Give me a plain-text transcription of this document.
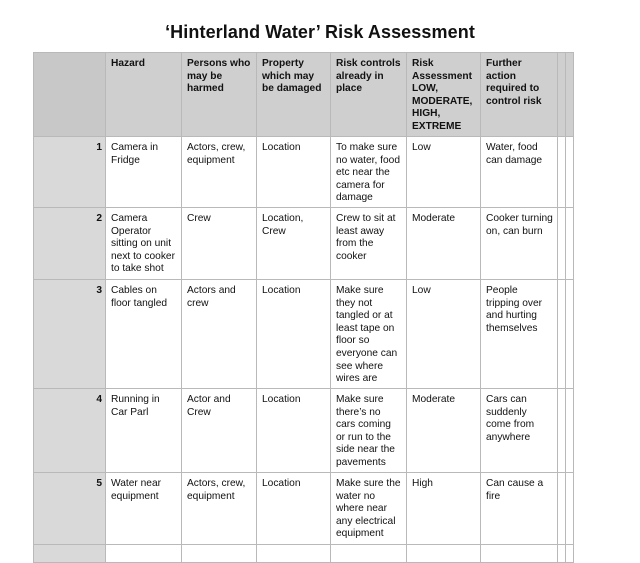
‘Hinterland Water’ Risk Assessment
	Hazard	Persons who may be harmed	Property which may be damaged	Risk controls already in place	Risk Assessment LOW, MODERATE, HIGH, EXTREME	Further action required to control risk		
1	Camera in Fridge	Actors, crew, equipment	Location	To make sure no water, food etc near the camera for damage	Low	Water, food can damage		
2	Camera Operator sitting on unit next to cooker to take shot	Crew	Location, Crew	Crew to sit at least away from the cooker	Moderate	Cooker turning on, can burn		
3	Cables on floor tangled	Actors and crew	Location	Make sure they not tangled or at least tape on floor so everyone can see where wires are	Low	People tripping over and hurting themselves		
4	Running in Car Parl	Actor and Crew	Location	Make sure there’s no cars coming or run to the side near the pavements	Moderate	Cars can suddenly come from anywhere		
5	Water near equipment	Actors, crew, equipment	Location	Make sure the water no where near any electrical equipment	High	Can cause a fire		
